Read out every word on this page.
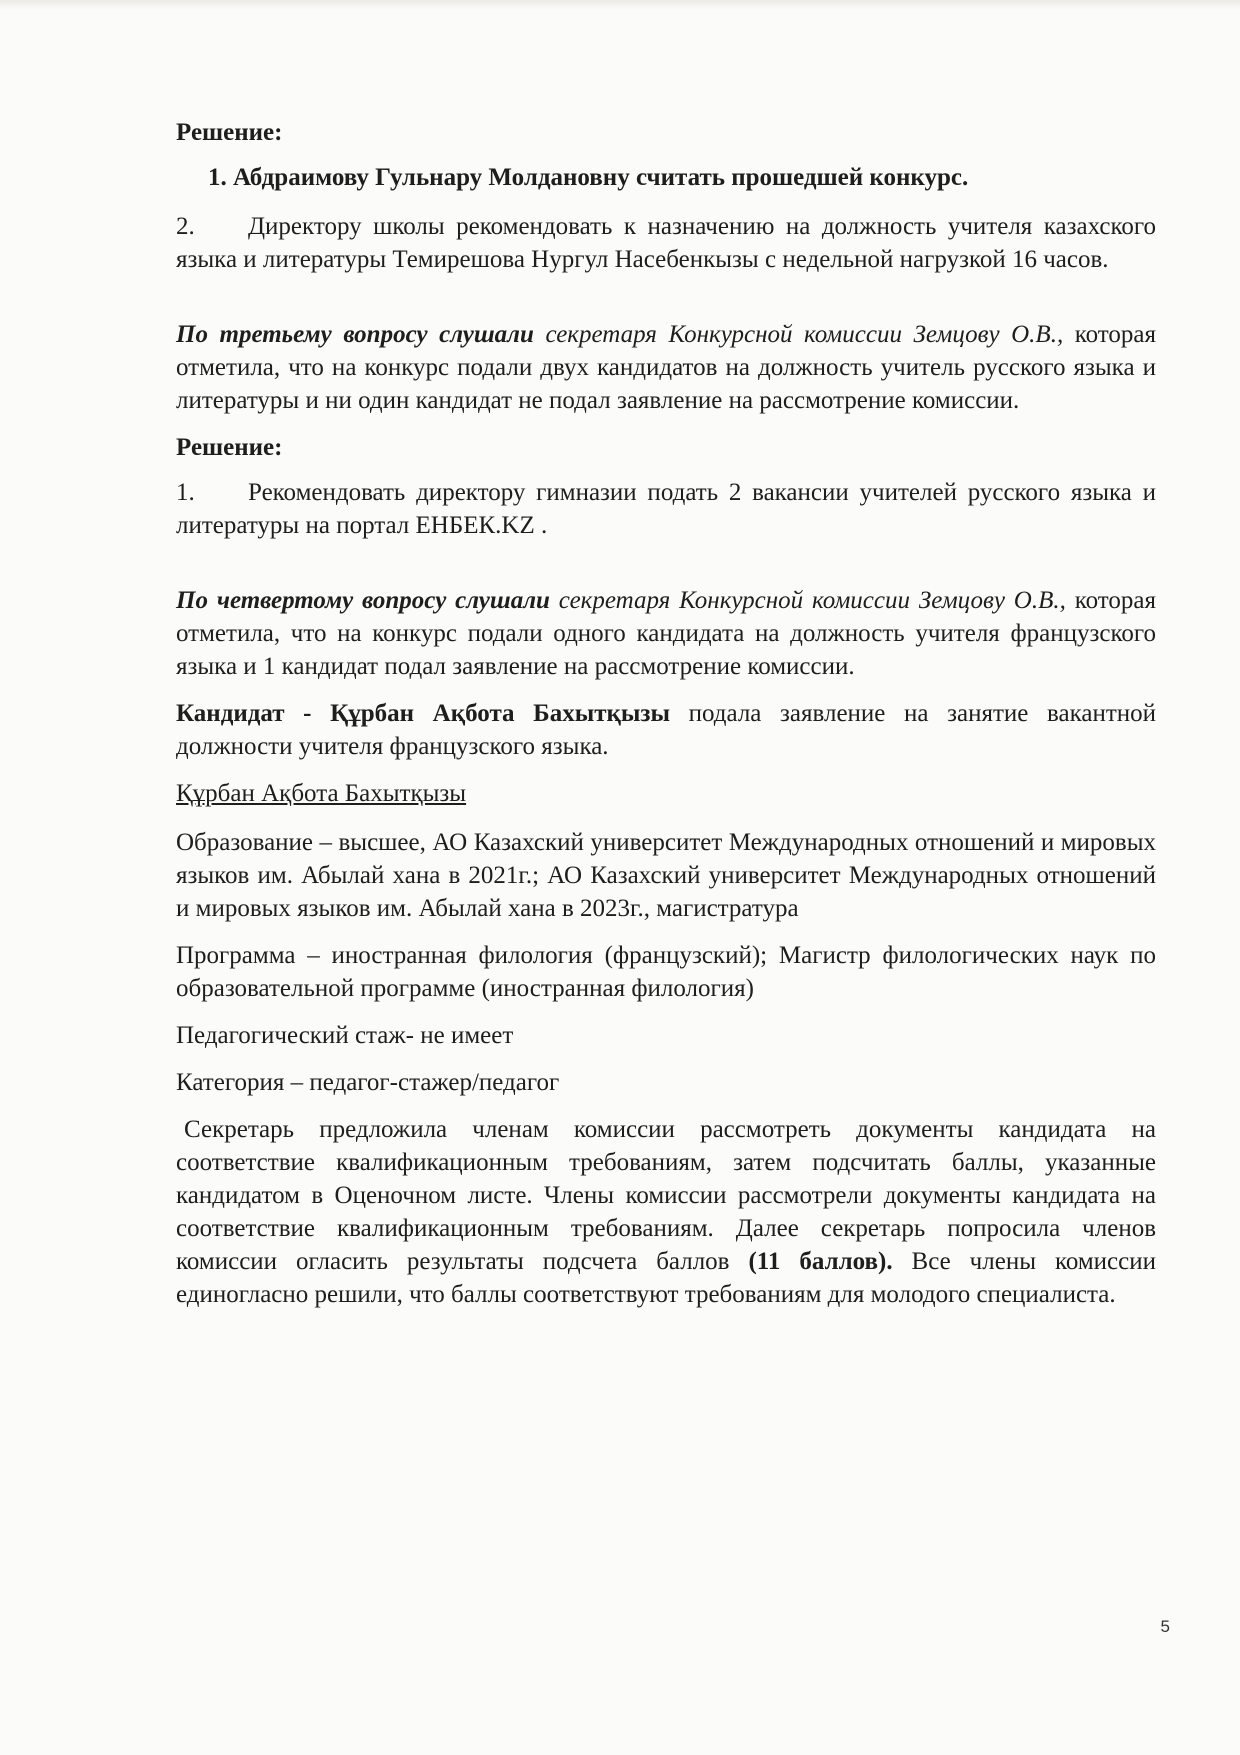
Решение:
1. Абдраимову Гульнару Молдановну считать прошедшей конкурс.
2. Директору школы рекомендовать к назначению на должность учителя казахского языка и литературы Темирешова Нургул Насебенкызы с недельной нагрузкой 16 часов.
По третьему вопросу слушали секретаря Конкурсной комиссии Земцову О.В., которая отметила, что на конкурс подали двух кандидатов на должность учитель русского языка и литературы и ни один кандидат не подал заявление на рассмотрение комиссии.
Решение:
1. Рекомендовать директору гимназии подать 2 вакансии учителей русского языка и литературы на портал ЕНБЕК.KZ .
По четвертому вопросу слушали секретаря Конкурсной комиссии Земцову О.В., которая отметила, что на конкурс подали одного кандидата на должность учителя французского языка и 1 кандидат подал заявление на рассмотрение комиссии.
Кандидат - Құрбан Ақбота Бахытқызы подала заявление на занятие вакантной должности учителя французского языка.
Құрбан Ақбота Бахытқызы
Образование – высшее, АО Казахский университет Международных отношений и мировых языков им. Абылай хана в 2021г.; АО Казахский университет Международных отношений и мировых языков им. Абылай хана в 2023г., магистратура
Программа – иностранная филология (французский); Магистр филологических наук по образовательной программе (иностранная филология)
Педагогический стаж- не имеет
Категория – педагог-стажер/педагог
Секретарь предложила членам комиссии рассмотреть документы кандидата на соответствие квалификационным требованиям, затем подсчитать баллы, указанные кандидатом в Оценочном листе. Члены комиссии рассмотрели документы кандидата на соответствие квалификационным требованиям. Далее секретарь попросила членов комиссии огласить результаты подсчета баллов (11 баллов). Все члены комиссии единогласно решили, что баллы соответствуют требованиям для молодого специалиста.
5
